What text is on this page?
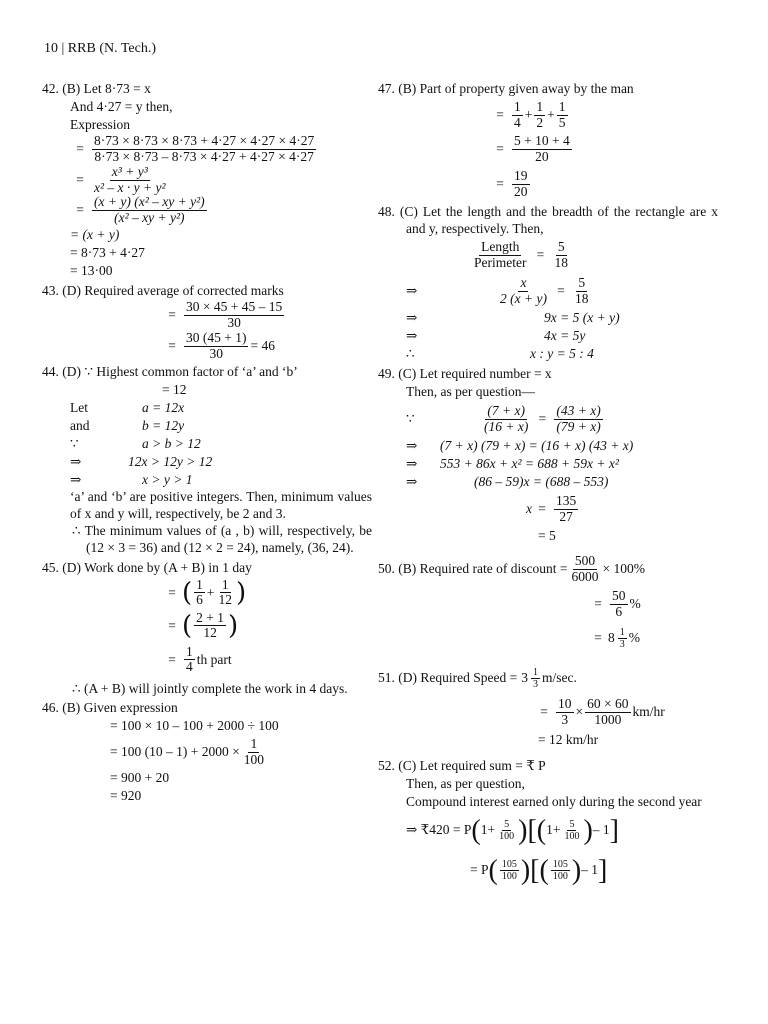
10 | RRB (N. Tech.)
42. (B) Let 8·73 = x
And 4·27 = y then,
Expression
= $\frac{8\cdot 73 \times 8\cdot 73 \times 8\cdot 73 + 4\cdot 27 \times 4\cdot 27 \times 4\cdot 27}{8\cdot 73 \times 8\cdot 73 - 8\cdot 73 \times 4\cdot 27 + 4\cdot 27 \times 4\cdot 27}$
= $\frac{\text{x³ + y³}}{\text{x² – x · y + y²}}$
= $\frac{\text{(x + y) (x² – xy + y²)}}{\text{(x² – xy + y²)}}$
= (x + y)
= 8·73 + 4·27
= 13·00
43. (D) Required average of corrected marks
= $\frac{30 \times 45 + 45 - 15}{30}$
= $\frac{30 (45 + 1)}{30} = 46$
44. (D) ∵ Highest common factor of ‘a’ and ‘b’
= 12
Let	a = 12x
and	b = 12y
∵	a > b > 12
⇒	12x > 12y > 12
⇒	x > y > 1
‘a’ and ‘b’ are positive integers. Then, minimum values of x and y will, respectively, be 2 and 3.
∴ The minimum values of (a , b) will, respectively, be (12 × 3 = 36) and (12 × 2 = 24), namely, (36, 24).
45. (D) Work done by (A + B) in 1 day
= ( $\frac{1}{6} + \frac{1}{12}$ )
= ( $\frac{2 + 1}{12}$ )
= $\frac{1}{4}$ th part
∴ (A + B) will jointly complete the work in 4 days.
46. (B) Given expression
= 100 × 10 – 100 + 2000 ÷ 100
= 100 $(10 - 1) + 2000 \times \frac{1}{100}$
= 900 + 20
= 920
47. (B) Part of property given away by the man
= $\frac{1}{4} + \frac{1}{2} + \frac{1}{5}$
= $\frac{5 + 10 + 4}{20}$
= $\frac{19}{20}$
48. (C) Let the length and the breadth of the rectangle are x and y, respectively. Then,
$\frac{\text{Length}}{\text{Perimeter}} = \frac{5}{18}$
⇒	$\frac{x}{2 (x + y)} = \frac{5}{18}$
⇒	9x = 5 (x + y)
⇒	4x = 5y
∴	x : y = 5 : 4
49. (C) Let required number = x
Then, as per question—
∵	$\frac{(7 + x)}{(16 + x)} = \frac{(43 + x)}{(79 + x)}$
⇒	(7 + x) (79 + x) = (16 + x) (43 + x)
⇒	553 + 86x + x² = 688 + 59x + x²
⇒	(86 – 59)x = (688 – 553)
$x = \frac{135}{27}$
= 5
50. (B) Required rate of discount = $\frac{500}{6000} \times 100\%$
= $\frac{50}{6}$ %
= $8 \frac{1}{3}$ %
51. (D) Required Speed = $3 \frac{1}{3} m/\sec$.
= $\frac{10}{3} \times \frac{60 \times 60}{1000} km/hr$
= 12 km/hr
52. (C) Let required sum = ₹ P
Then, as per question,
Compound interest earned only during the second year
⇒ ₹420 = P ( $1+ \frac{5}{100}$ ) [ ( $1+ \frac{5}{100}$ ) – 1 ]
= P ( $\frac{105}{100}$ ) [ ( $\frac{105}{100}$ ) – 1 ]
